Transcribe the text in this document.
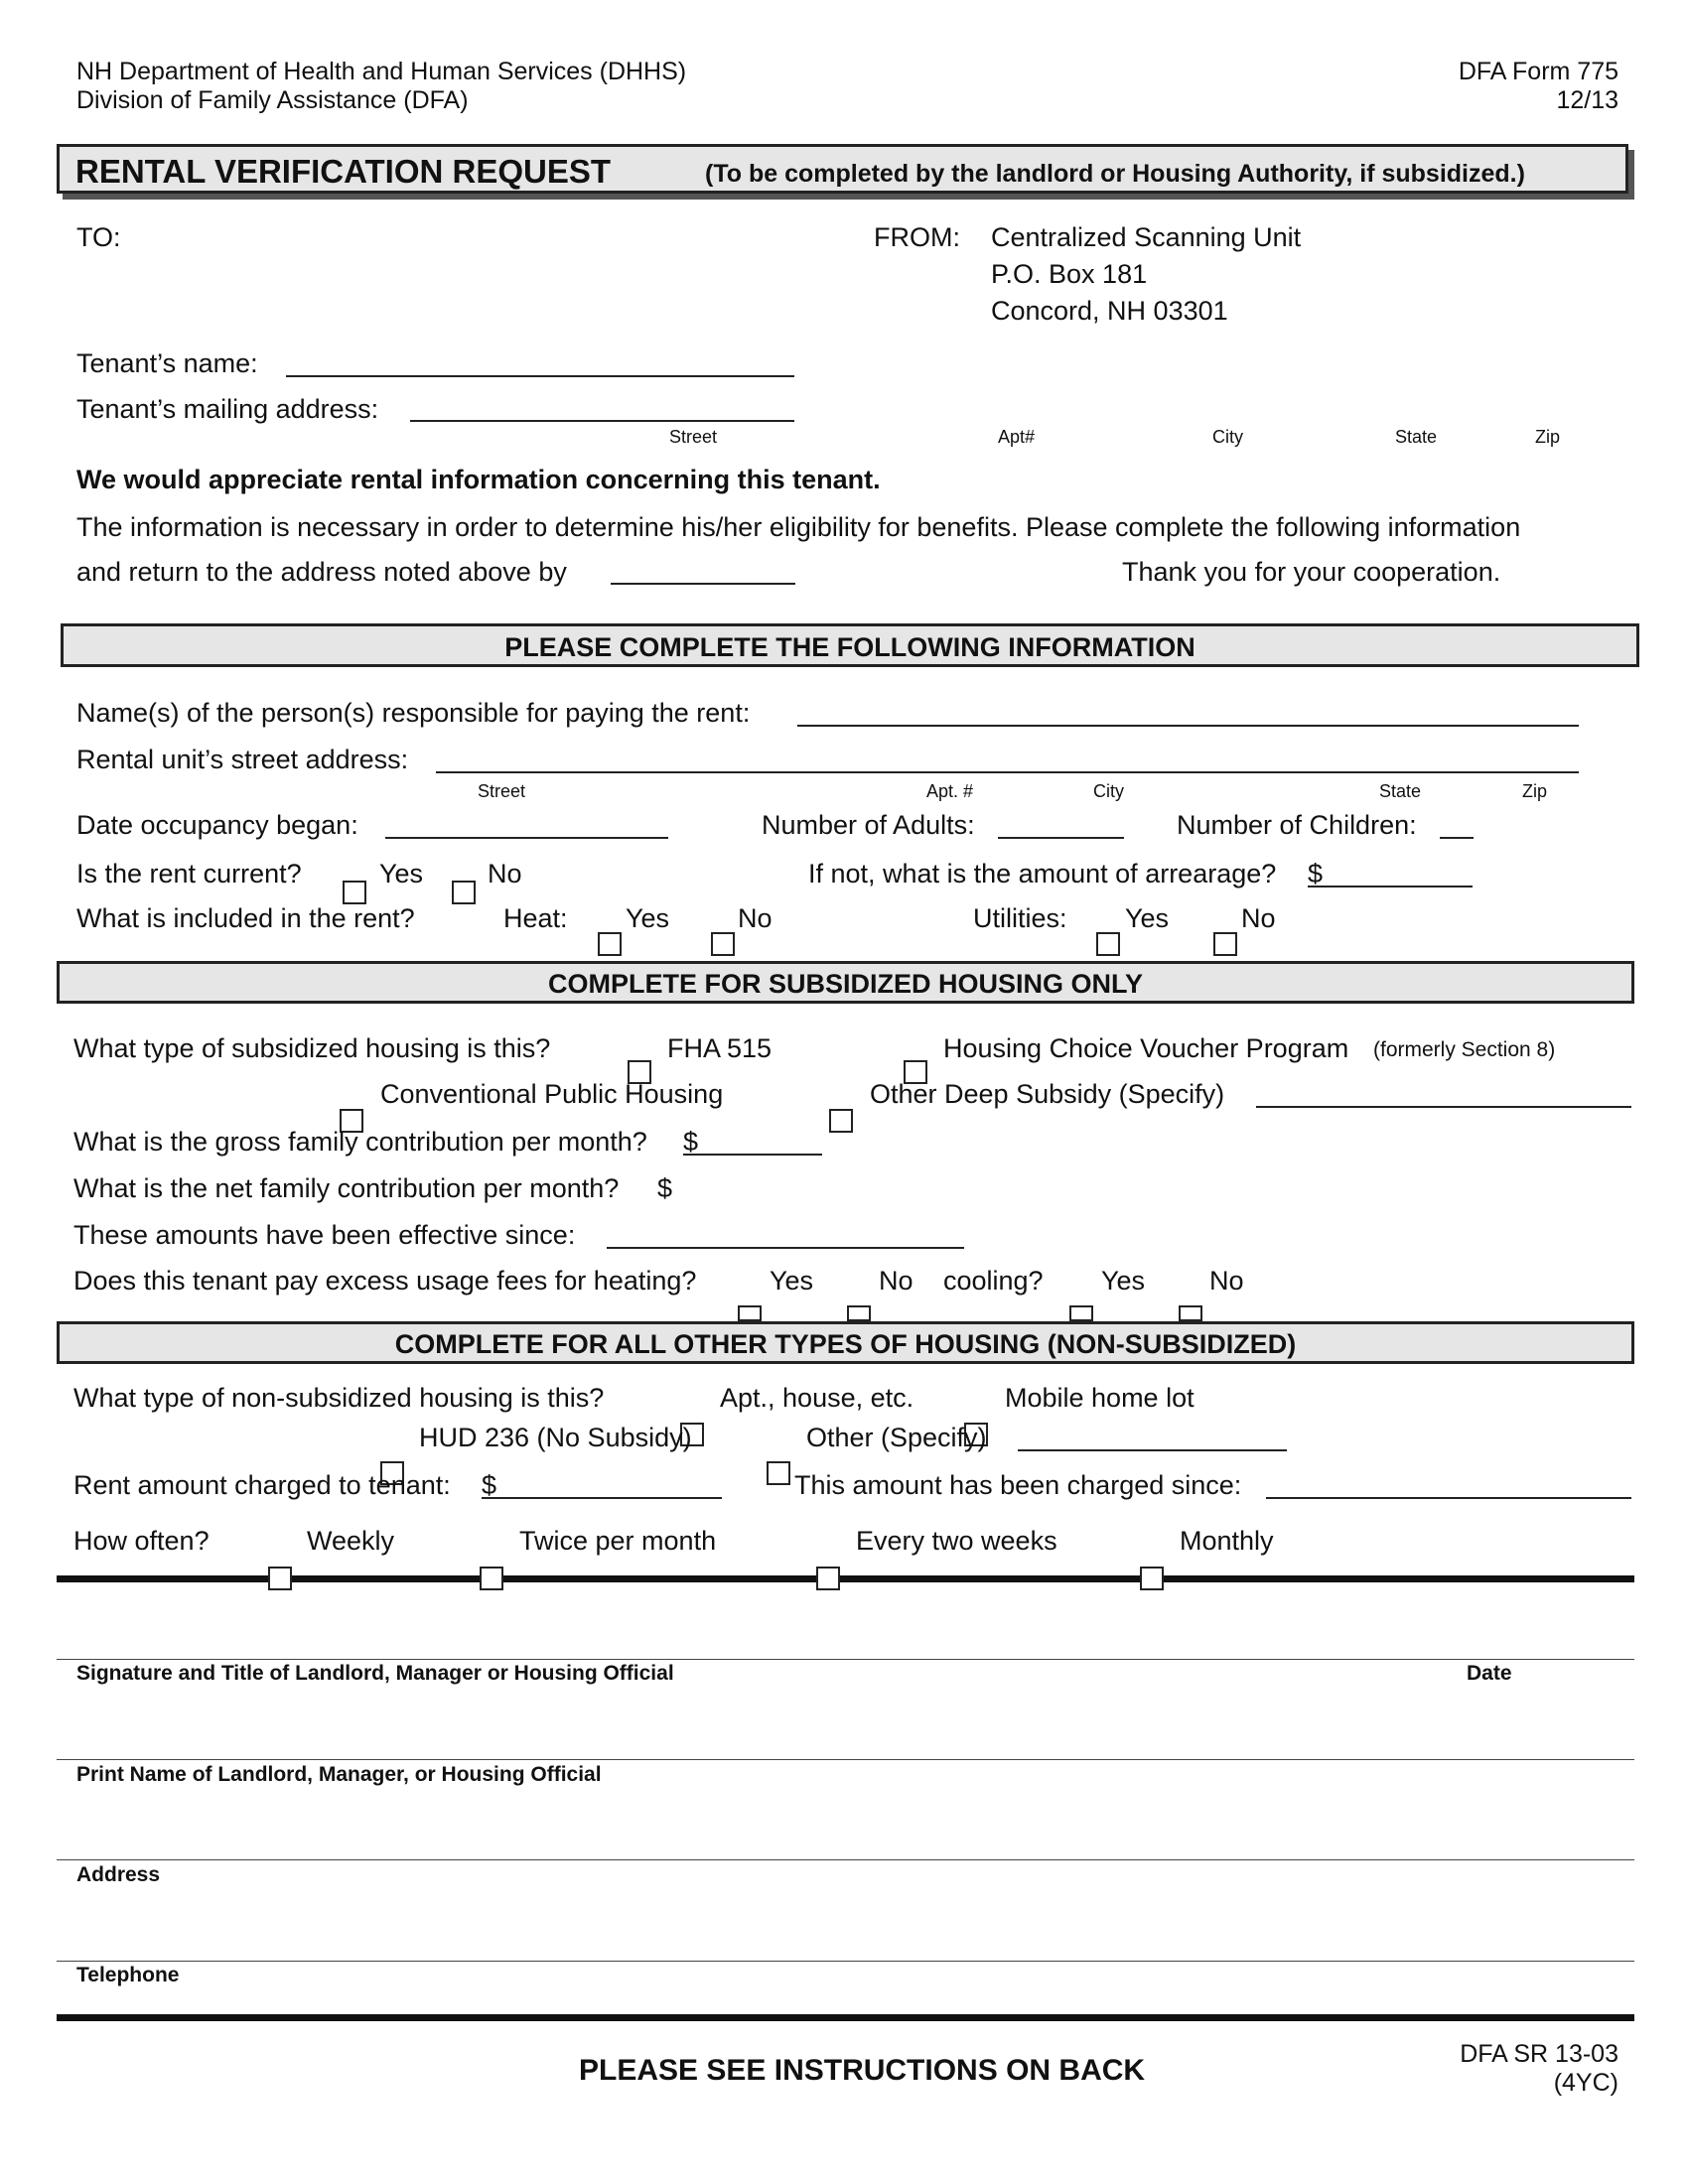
NH Department of Health and Human Services (DHHS)
Division of Family Assistance (DFA)
DFA Form 775
12/13
RENTAL VERIFICATION REQUEST	(To be completed by the landlord or Housing Authority, if subsidized.)
TO:	FROM: Centralized Scanning Unit
P.O. Box 181
Concord, NH 03301
Tenant’s name:
Tenant’s mailing address:
Street	Apt#	City	State	Zip
We would appreciate rental information concerning this tenant.
The information is necessary in order to determine his/her eligibility for benefits. Please complete the following information
and return to the address noted above by	Thank you for your cooperation.
PLEASE COMPLETE THE FOLLOWING INFORMATION
Name(s) of the person(s) responsible for paying the rent:
Rental unit’s street address:
Street	Apt. #	City	State	Zip
Date occupancy began:	Number of Adults:	Number of Children:
Is the rent current?	Yes No	If not, what is the amount of arrearage? $
What is included in the rent?	Heat: Yes	No	Utilities: Yes	No
COMPLETE FOR SUBSIDIZED HOUSING ONLY
What type of subsidized housing is this?	FHA 515	Housing Choice Voucher Program (formerly Section 8)
Conventional Public Housing	Other Deep Subsidy (Specify)
What is the gross family contribution per month? $
What is the net family contribution per month? $
These amounts have been effective since:
Does this tenant pay excess usage fees for heating?	Yes No cooling? Yes No
COMPLETE FOR ALL OTHER TYPES OF HOUSING (NON-SUBSIDIZED)
What type of non-subsidized housing is this?	Apt., house, etc.	Mobile home lot
HUD 236 (No Subsidy)	Other (Specify)
Rent amount charged to tenant: $	This amount has been charged since:
How often?	Weekly	Twice per month	Every two weeks	Monthly
Signature and Title of Landlord, Manager or Housing Official	Date
Print Name of Landlord, Manager, or Housing Official
Address
Telephone
PLEASE SEE INSTRUCTIONS ON BACK	DFA SR 13-03
(4YC)
